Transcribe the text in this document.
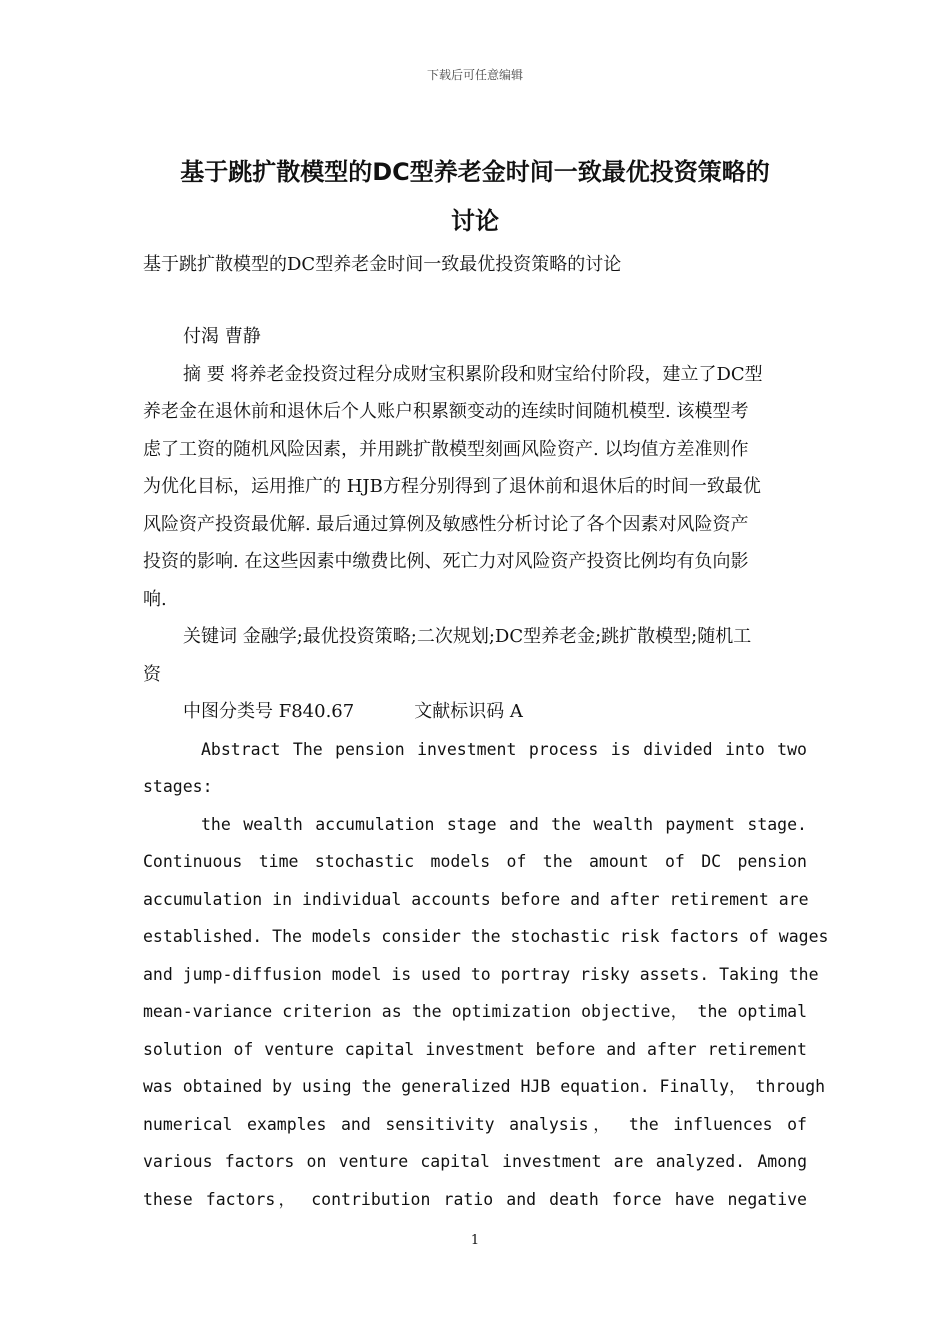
下载后可任意编辑
基于跳扩散模型的DC型养老金时间一致最优投资策略的
讨论
基于跳扩散模型的DC型养老金时间一致最优投资策略的讨论

付渴 曹静

摘 要 将养老金投资过程分成财宝积累阶段和财宝给付阶段，建立了DC型

养老金在退休前和退休后个人账户积累额变动的连续时间随机模型. 该模型考

虑了工资的随机风险因素，并用跳扩散模型刻画风险资产. 以均值方差准则作

为优化目标，运用推广的 HJB方程分别得到了退休前和退休后的时间一致最优

风险资产投资最优解. 最后通过算例及敏感性分析讨论了各个因素对风险资产

投资的影响. 在这些因素中缴费比例、死亡力对风险资产投资比例均有负向影

响.

关键词 金融学;最优投资策略;二次规划;DC型养老金;跳扩散模型;随机工

资

中图分类号 F840.67	文献标识码 A

Abstract The pension investment process is divided into two

stages:

the wealth accumulation stage and the wealth payment stage.

Continuous time stochastic models of the amount of DC pension

accumulation in individual accounts before and after retirement are

established. The models consider the stochastic risk factors of wages

and jump-diffusion model is used to portray risky assets. Taking the

mean-variance criterion as the optimization objective， the optimal

solution of venture capital investment before and after retirement

was obtained by using the generalized HJB equation. Finally， through

numerical examples and sensitivity analysis， the influences of

various factors on venture capital investment are analyzed. Among

these factors， contribution ratio and death force have negative

1
